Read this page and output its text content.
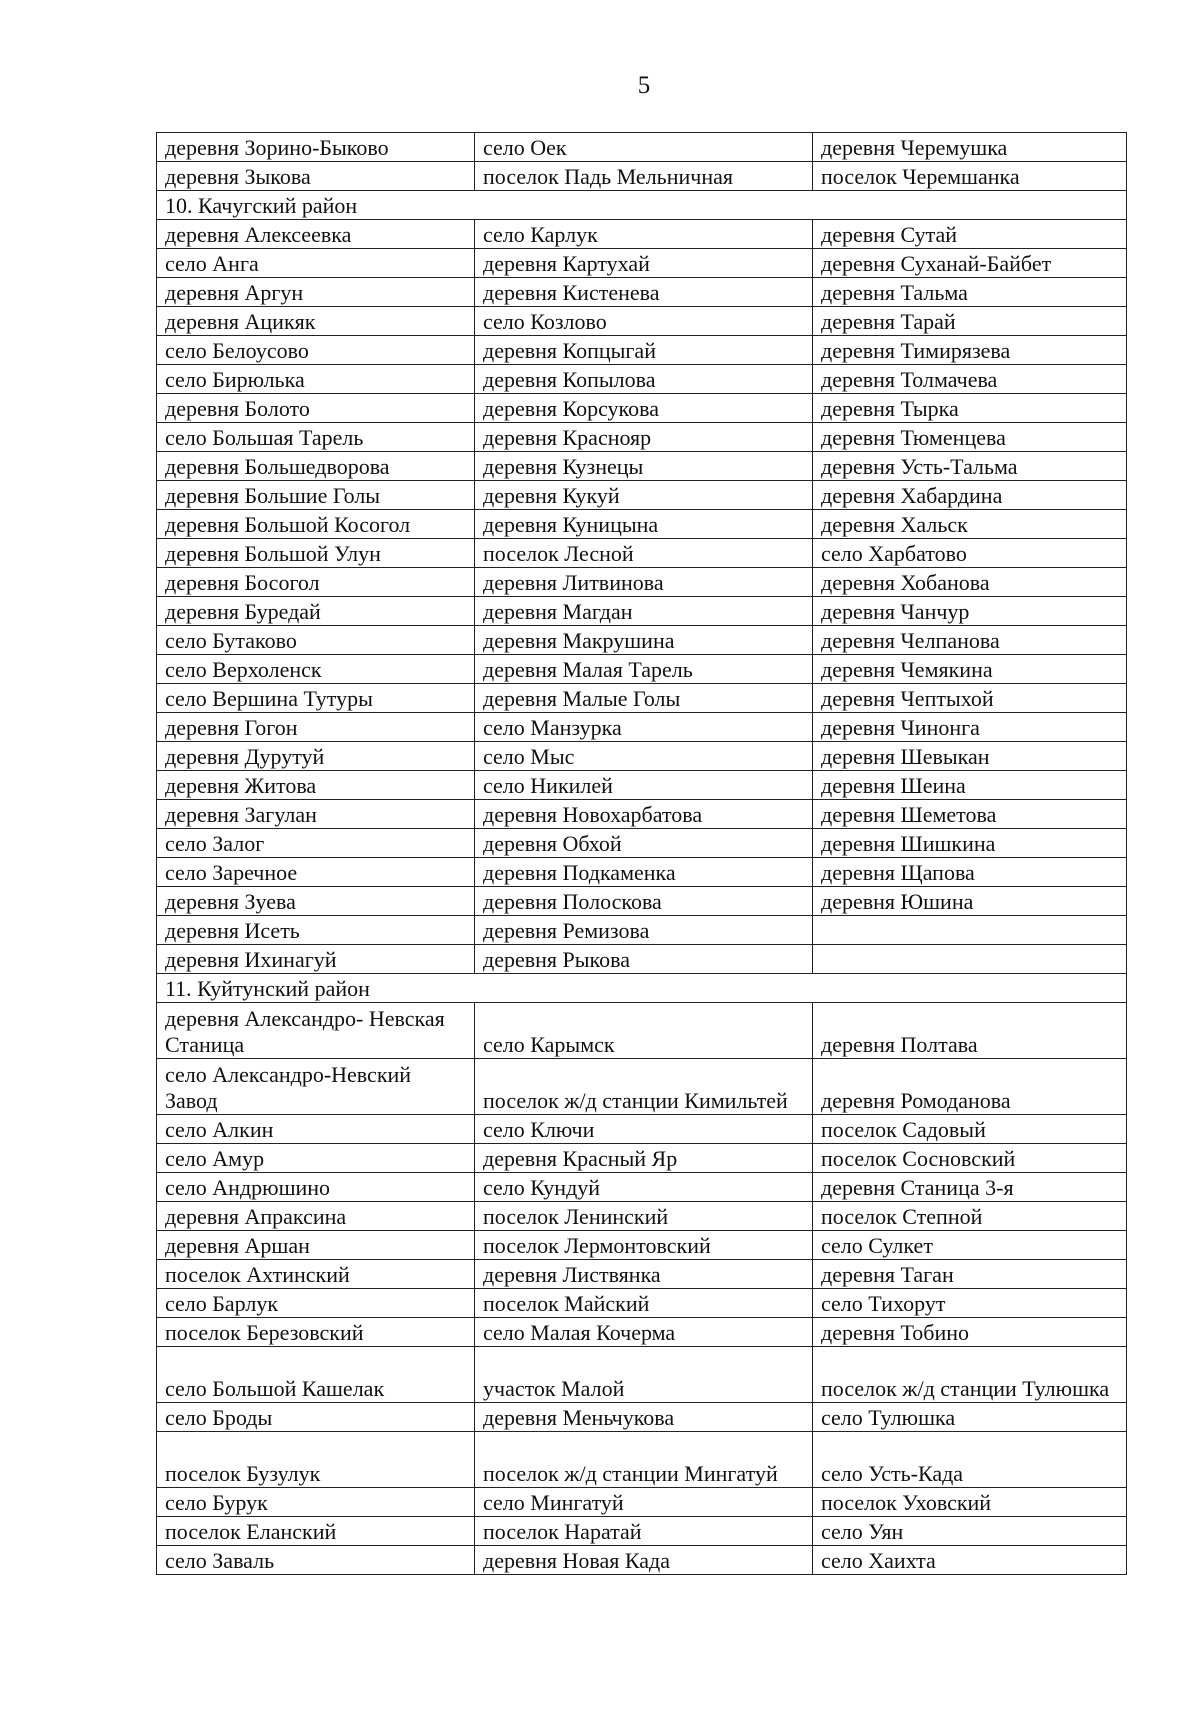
5
деревня Зорино-Быково	село Оек	деревня Черемушка
деревня Зыкова	поселок Падь Мельничная	поселок Черемшанка
10. Качугский район		
деревня Алексеевка	село Карлук	деревня Сутай
село Анга	деревня Картухай	деревня Суханай-Байбет
деревня Аргун	деревня Кистенева	деревня Тальма
деревня Ацикяк	село Козлово	деревня Тарай
село Белоусово	деревня Копцыгай	деревня Тимирязева
село Бирюлька	деревня Копылова	деревня Толмачева
деревня Болото	деревня Корсукова	деревня Тырка
село Большая Тарель	деревня Краснояр	деревня Тюменцева
деревня Большедворова	деревня Кузнецы	деревня Усть-Тальма
деревня Большие Голы	деревня Кукуй	деревня Хабардина
деревня Большой Косогол	деревня Куницына	деревня Хальск
деревня Большой Улун	поселок Лесной	село Харбатово
деревня Босогол	деревня Литвинова	деревня Хобанова
деревня Буредай	деревня Магдан	деревня Чанчур
село Бутаково	деревня Макрушина	деревня Челпанова
село Верхоленск	деревня Малая Тарель	деревня Чемякина
село Вершина Тутуры	деревня Малые Голы	деревня Чептыхой
деревня Гогон	село Манзурка	деревня Чинонга
деревня Дурутуй	село Мыс	деревня Шевыкан
деревня Житова	село Никилей	деревня Шеина
деревня Загулан	деревня Новохарбатова	деревня Шеметова
село Залог	деревня Обхой	деревня Шишкина
село Заречное	деревня Подкаменка	деревня Щапова
деревня Зуева	деревня Полоскова	деревня Юшина
деревня Исеть	деревня Ремизова	
деревня Ихинагуй	деревня Рыкова	
11. Куйтунский район		
деревня Александро- Невская Станица	село Карымск	деревня Полтава
село Александро-Невский Завод	поселок ж/д станции Кимильтей	деревня Ромоданова
село Алкин	село Ключи	поселок Садовый
село Амур	деревня Красный Яр	поселок Сосновский
село Андрюшино	село Кундуй	деревня Станица 3-я
деревня Апраксина	поселок Ленинский	поселок Степной
деревня Аршан	поселок Лермонтовский	село Сулкет
поселок Ахтинский	деревня Листвянка	деревня Таган
село Барлук	поселок Майский	село Тихорут
поселок Березовский	село Малая Кочерма	деревня Тобино
село Большой Кашелак	участок Малой	поселок ж/д станции Тулюшка
село Броды	деревня Меньчукова	село Тулюшка
поселок Бузулук	поселок ж/д станции Мингатуй	село Усть-Када
село Бурук	село Мингатуй	поселок Уховский
поселок Еланский	поселок Наратай	село Уян
село Заваль	деревня Новая Када	село Хаихта
